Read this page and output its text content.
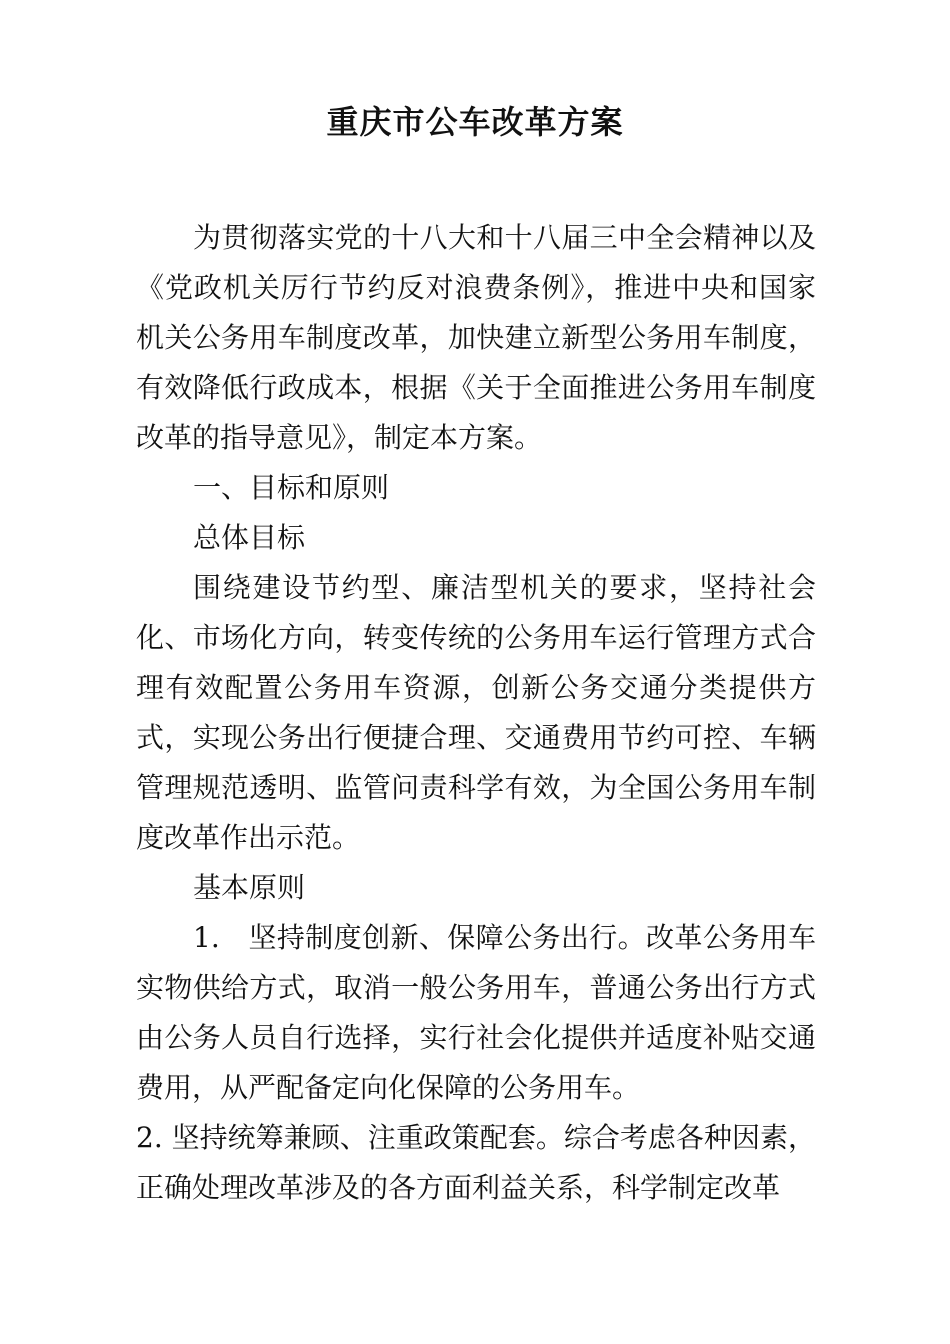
重庆市公车改革方案

为贯彻落实党的十八大和十八届三中全会精神以及《党政机关厉行节约反对浪费条例》，推进中央和国家机关公务用车制度改革，加快建立新型公务用车制度，有效降低行政成本，根据《关于全面推进公务用车制度改革的指导意见》，制定本方案。

一、目标和原则

总体目标

围绕建设节约型、廉洁型机关的要求，坚持社会化、市场化方向，转变传统的公务用车运行管理方式合理有效配置公务用车资源，创新公务交通分类提供方式，实现公务出行便捷合理、交通费用节约可控、车辆管理规范透明、监管问责科学有效，为全国公务用车制度改革作出示范。

基本原则

1.　坚持制度创新、保障公务出行。改革公务用车实物供给方式，取消一般公务用车，普通公务出行方式由公务人员自行选择，实行社会化提供并适度补贴交通费用，从严配备定向化保障的公务用车。

2. 坚持统筹兼顾、注重政策配套。综合考虑各种因素，正确处理改革涉及的各方面利益关系，科学制定改革
